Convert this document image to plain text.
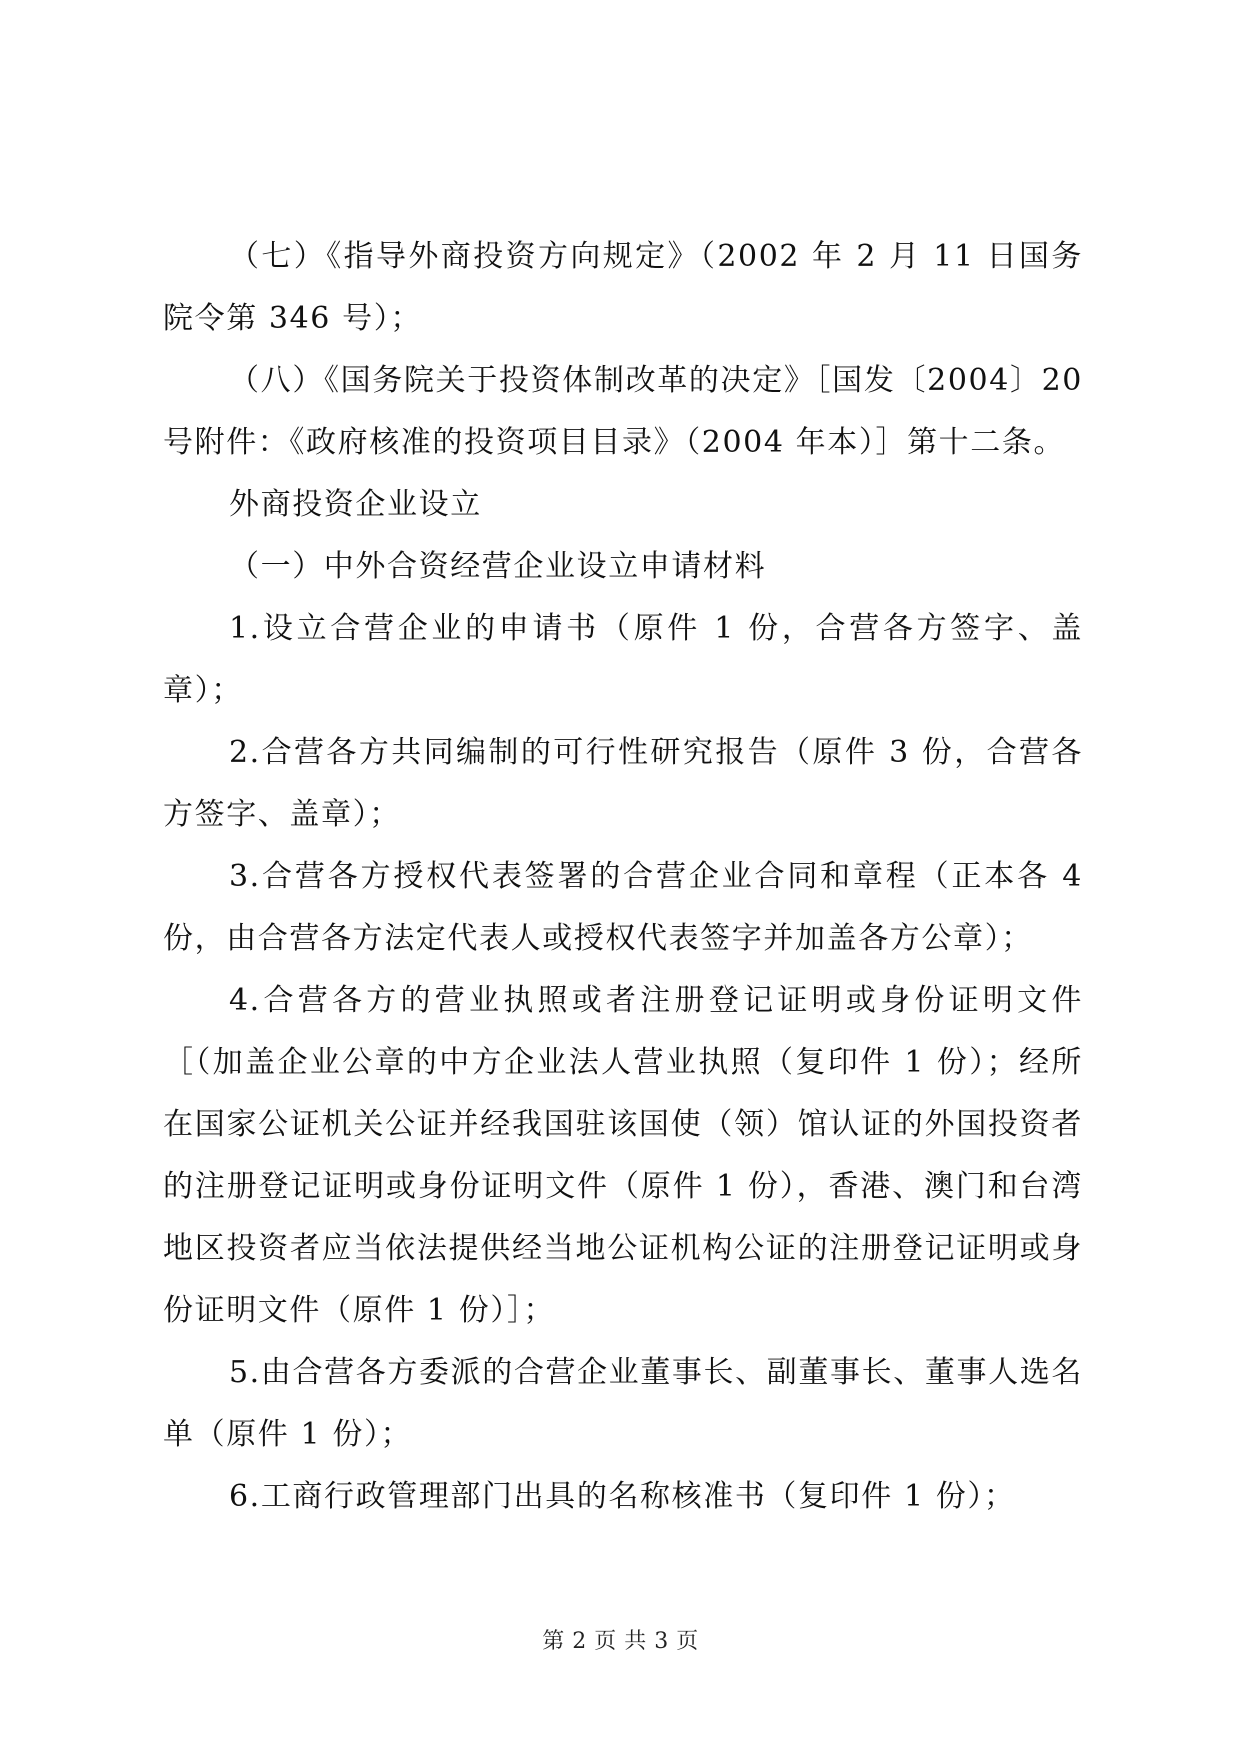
（七）《指导外商投资方向规定》（2002 年 2 月 11 日国务院令第 346 号）；

（八）《国务院关于投资体制改革的决定》［国发〔2004〕20 号附件：《政府核准的投资项目目录》（2004 年本）］第十二条。

外商投资企业设立

（一）中外合资经营企业设立申请材料

1.设立合营企业的申请书（原件 1 份，合营各方签字、盖章）；

2.合营各方共同编制的可行性研究报告（原件 3 份，合营各方签字、盖章）；

3.合营各方授权代表签署的合营企业合同和章程（正本各 4 份，由合营各方法定代表人或授权代表签字并加盖各方公章）；

4.合营各方的营业执照或者注册登记证明或身份证明文件［（加盖企业公章的中方企业法人营业执照（复印件 1 份）；经所在国家公证机关公证并经我国驻该国使（领）馆认证的外国投资者的注册登记证明或身份证明文件（原件 1 份），香港、澳门和台湾地区投资者应当依法提供经当地公证机构公证的注册登记证明或身份证明文件（原件 1 份）］；

5.由合营各方委派的合营企业董事长、副董事长、董事人选名单（原件 1 份）；

6.工商行政管理部门出具的名称核准书（复印件 1 份）；

第 2 页 共 3 页
